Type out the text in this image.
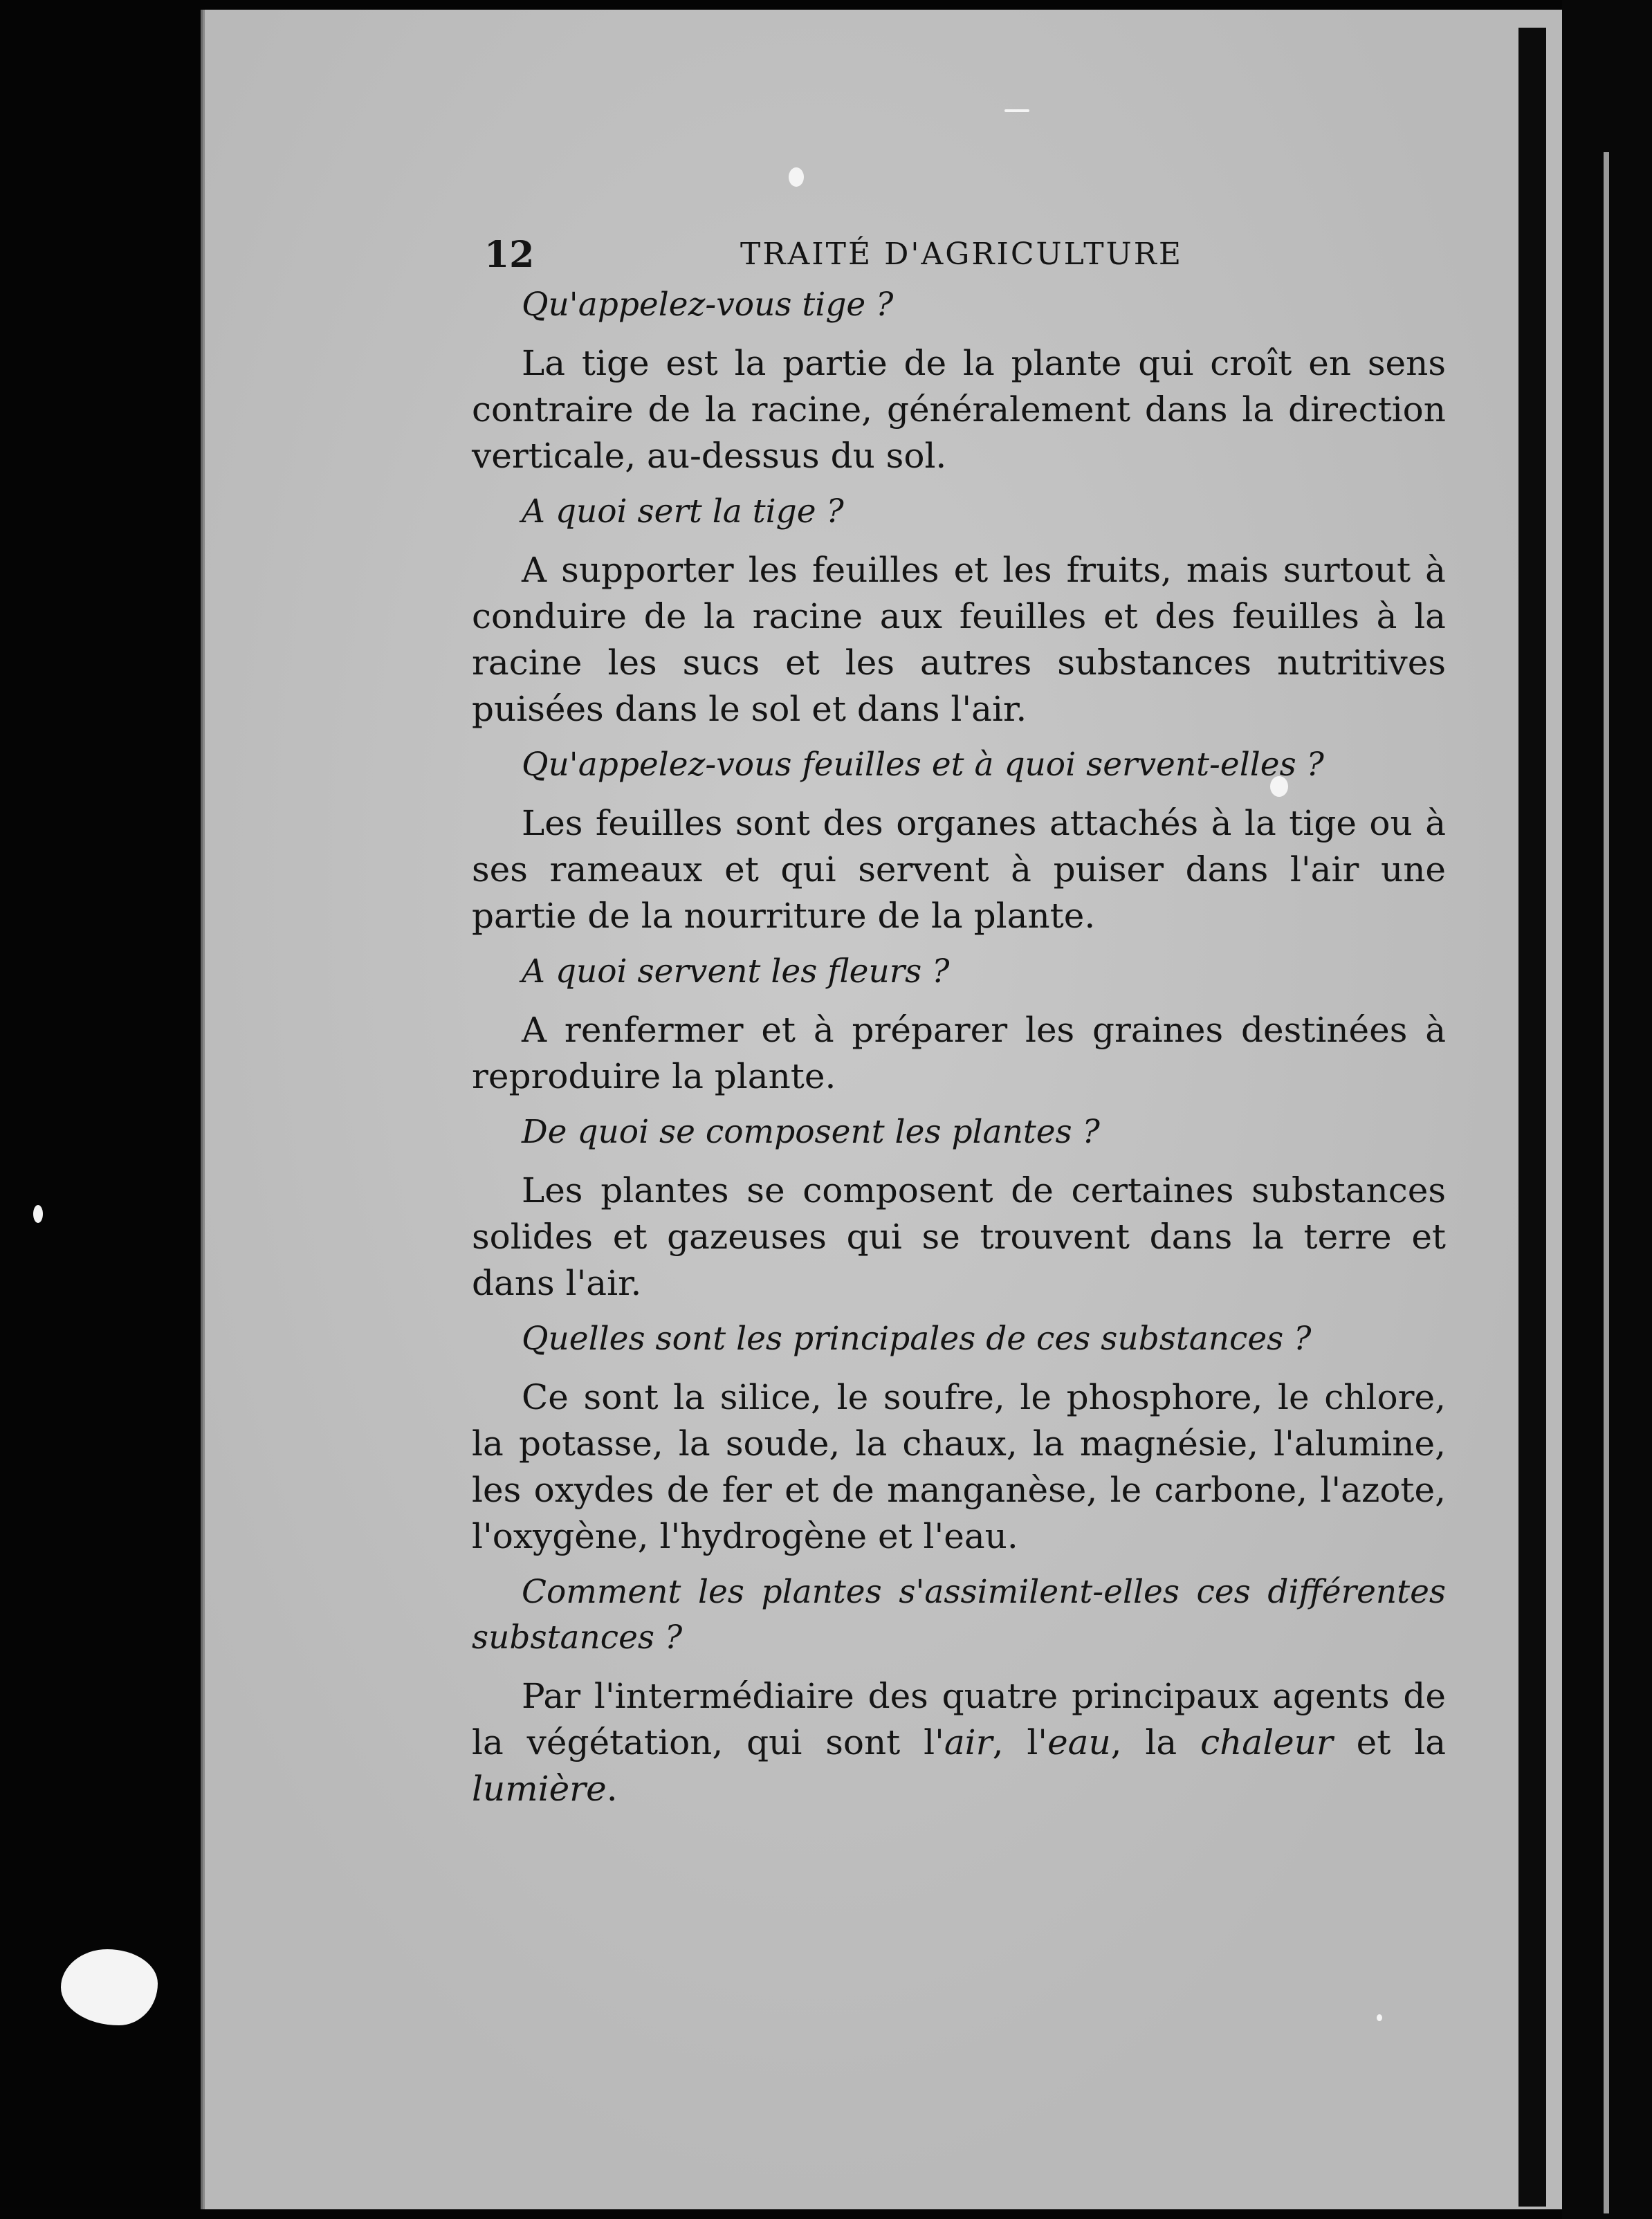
12	TRAITÉ D'AGRICULTURE

Qu'appelez-vous tige ?

La tige est la partie de la plante qui croît en sens contraire de la racine, généralement dans la direction verticale, au-dessus du sol.

A quoi sert la tige ?

A supporter les feuilles et les fruits, mais surtout à conduire de la racine aux feuilles et des feuilles à la racine les sucs et les autres substances nutritives puisées dans le sol et dans l'air.

Qu'appelez-vous feuilles et à quoi servent-elles ?

Les feuilles sont des organes attachés à la tige ou à ses rameaux et qui servent à puiser dans l'air une partie de la nourriture de la plante.

A quoi servent les fleurs ?

A renfermer et à préparer les graines destinées à reproduire la plante.

De quoi se composent les plantes ?

Les plantes se composent de certaines substances solides et gazeuses qui se trouvent dans la terre et dans l'air.

Quelles sont les principales de ces substances ?

Ce sont la silice, le soufre, le phosphore, le chlore, la potasse, la soude, la chaux, la magnésie, l'alumine, les oxydes de fer et de manganèse, le carbone, l'azote, l'oxygène, l'hydrogène et l'eau.

Comment les plantes s'assimilent-elles ces différentes substances ?

Par l'intermédiaire des quatre principaux agents de la végétation, qui sont l'air, l'eau, la chaleur et la lumière.
